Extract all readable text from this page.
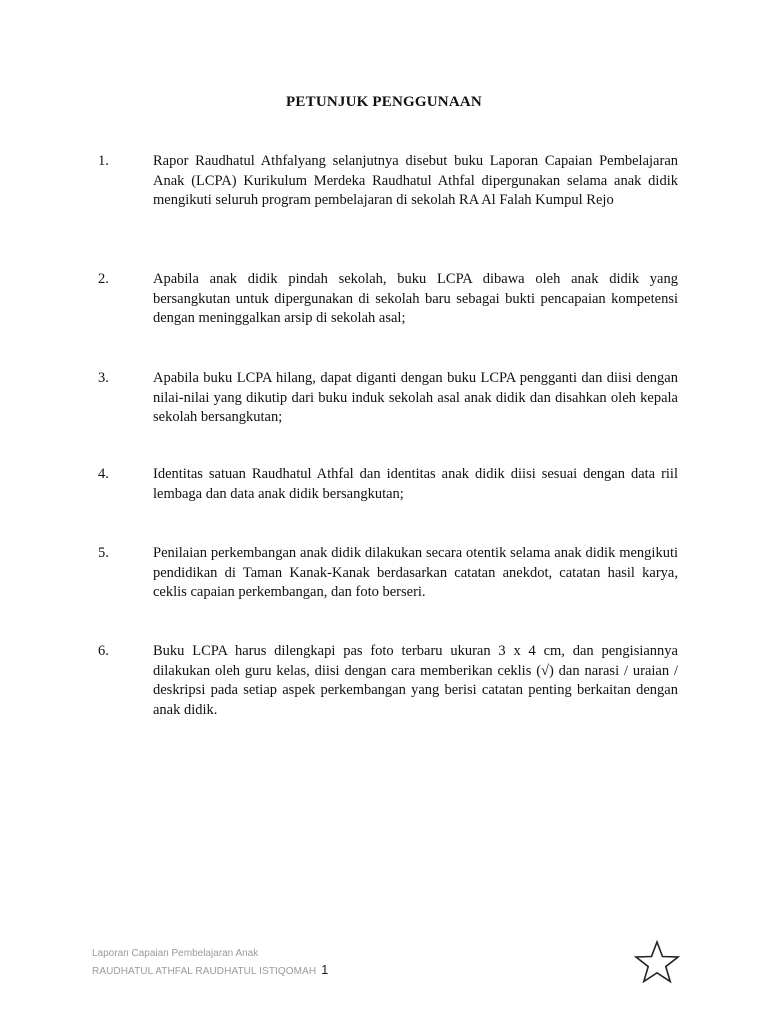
PETUNJUK PENGGUNAAN
1.	Rapor Raudhatul Athfalyang selanjutnya disebut buku Laporan Capaian Pembelajaran Anak (LCPA) Kurikulum Merdeka Raudhatul Athfal dipergunakan selama anak didik mengikuti seluruh program pembelajaran di sekolah RA Al Falah Kumpul Rejo
2.	Apabila anak didik pindah sekolah, buku LCPA dibawa oleh anak didik yang bersangkutan untuk dipergunakan di sekolah baru sebagai bukti pencapaian kompetensi dengan meninggalkan arsip di sekolah asal;
3.	Apabila buku LCPA hilang, dapat diganti dengan buku LCPA pengganti dan diisi dengan nilai-nilai yang dikutip dari buku induk sekolah asal anak didik dan disahkan oleh kepala sekolah bersangkutan;
4.	Identitas satuan Raudhatul Athfal dan identitas anak didik diisi sesuai dengan data riil lembaga dan data anak didik bersangkutan;
5.	Penilaian perkembangan anak didik dilakukan secara otentik selama anak didik mengikuti pendidikan di Taman Kanak-Kanak berdasarkan catatan anekdot, catatan hasil karya, ceklis capaian perkembangan, dan foto berseri.
6.	Buku LCPA harus dilengkapi pas foto terbaru ukuran 3 x 4 cm, dan pengisiannya dilakukan oleh guru kelas, diisi dengan cara memberikan ceklis (√) dan narasi / uraian / deskripsi pada setiap aspek perkembangan yang berisi catatan penting berkaitan dengan anak didik.
Laporan Capaian Pembelajaran Anak
RAUDHATUL ATHFAL RAUDHATUL ISTIQOMAH 1
